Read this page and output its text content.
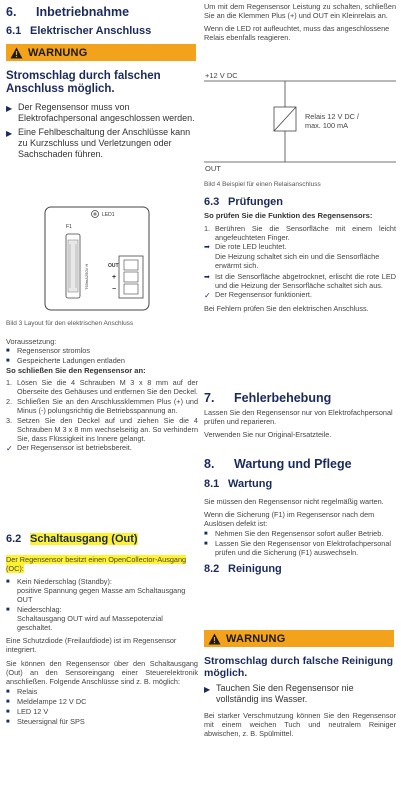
6. Inbetriebnahme

6.1 Elektrischer Anschluss

WARNUNG

Stromschlag durch falschen Anschluss möglich.

▶ Der Regensensor muss von Elektrofachpersonal angeschlossen werden.
▶ Eine Fehlbeschaltung der Anschlüsse kann zu Kurzschluss und Verletzungen oder Sachschaden führen.
LED1
F1
T63mA250V H	OUT
+
−

Bild 3 Layout für den elektrischen Anschluss

Voraussetzung:

■	Regensensor stromlos
■	Gespeicherte Ladungen entladen

So schließen Sie den Regensensor an:

1. Lösen Sie die 4 Schrauben M 3 x 8 mm auf der Oberseite des Gehäuses und entfernen Sie den Deckel.
2. Schließen Sie an den Anschlussklemmen Plus (+) und Minus (-) polungsrichtig die Betriebsspannung an.
3. Setzen Sie den Deckel auf und ziehen Sie die 4 Schrauben M 3 x 8 mm wechselseitig an. So verhindern Sie, dass Flüssigkeit ins Innere gelangt.
✓ Der Regensensor ist betriebsbereit.

6.2 Schaltausgang (Out)

Der Regensensor besitzt einen OpenCollector-Ausgang (OC):

■	Kein Niederschlag (Standby):
positive Spannung gegen Masse am Schaltausgang OUT
■	Niederschlag:
Schaltausgang OUT wird auf Massepotenzial geschaltet.

Eine Schutzdiode (Freilaufdiode) ist im Regensensor integriert.

Sie können den Regensensor über den Schaltausgang (Out) an den Sensoreingang einer Steuerelektronik anschließen. Folgende Anschlüsse sind z. B. möglich:

■	Relais
■	Meldelampe 12 V DC
■	LED 12 V
■	Steuersignal für SPS

Um mit dem Regensensor Leistung zu schalten, schließen Sie an die Klemmen Plus (+) und OUT ein Kleinrelais an.

Wenn die LED rot aufleuchtet, muss das angeschlossene Relais ebenfalls reagieren.

+12 V DC
Relais 12 V DC /
max. 100 mA
OUT

Bild 4 Beispiel für einen Relaisanschluss

6.3 Prüfungen

So prüfen Sie die Funktion des Regensensors:

1. Berühren Sie die Sensorfläche mit einem leicht angefeuchteten Finger.
➡ Die rote LED leuchtet.
Die Heizung schaltet sich ein und die Sensorfläche erwärmt sich.
➡ Ist die Sensorfläche abgetrocknet, erlischt die rote LED und die Heizung der Sensorfläche schaltet sich aus.
✓ Der Regensensor funktioniert.

Bei Fehlern prüfen Sie den elektrischen Anschluss.

7. Fehlerbehebung

Lassen Sie den Regensensor nur von Elektrofachpersonal prüfen und reparieren.

Verwenden Sie nur Original-Ersatzteile.

8. Wartung und Pflege

8.1 Wartung

Sie müssen den Regensensor nicht regelmäßig warten.

Wenn die Sicherung (F1) im Regensensor nach dem Auslösen defekt ist:

■	Nehmen Sie den Regensensor sofort außer Betrieb.
■	Lassen Sie den Regensensor von Elektrofachpersonal prüfen und die Sicherung (F1) auswechseln.

8.2 Reinigung

WARNUNG

Stromschlag durch falsche Reinigung möglich.

▶ Tauchen Sie den Regensensor nie vollständig ins Wasser.

Bei starker Verschmutzung können Sie den Regensensor mit einem weichen Tuch und neutralem Reiniger abwischen, z. B. Spülmittel.
